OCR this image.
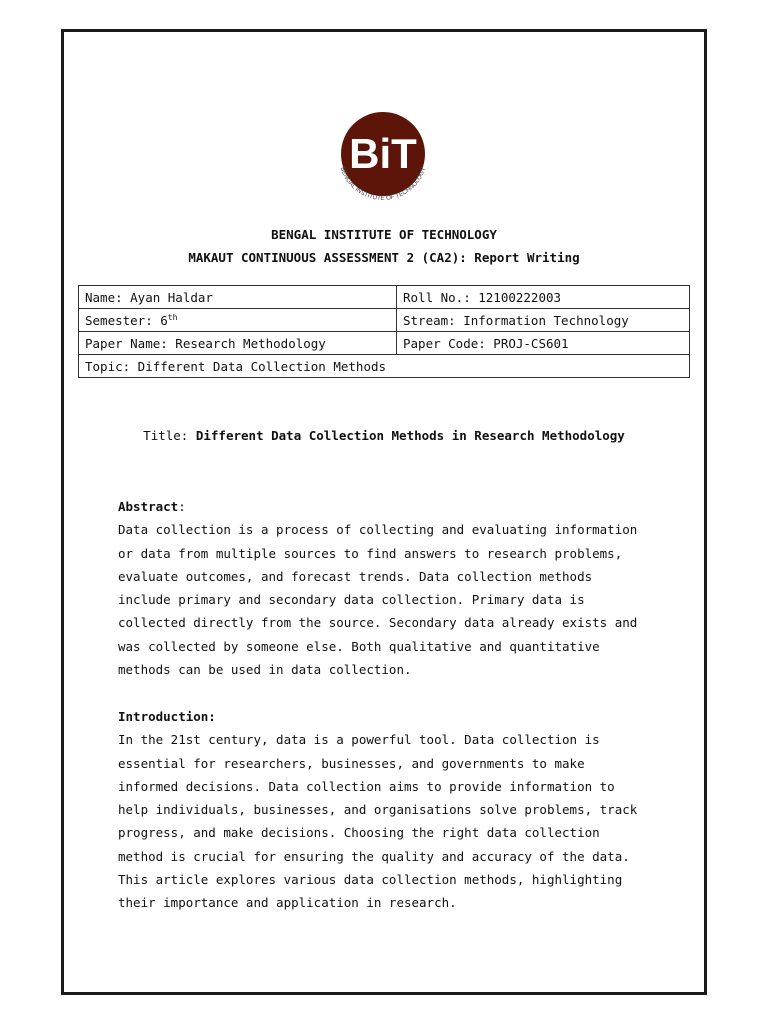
BiT
BENGAL INSTITUTE OF TECHNOLOGY
BENGAL INSTITUTE OF TECHNOLOGY
MAKAUT CONTINUOUS ASSESSMENT 2 (CA2): Report Writing
Name: Ayan Haldar	Roll No.: 12100222003
Semester: 6th	Stream: Information Technology
Paper Name: Research Methodology	Paper Code: PROJ-CS601
Topic: Different Data Collection Methods	
Title: Different Data Collection Methods in Research Methodology
Abstract:

Data collection is a process of collecting and evaluating information

or data from multiple sources to find answers to research problems,

evaluate outcomes, and forecast trends. Data collection methods

include primary and secondary data collection. Primary data is

collected directly from the source. Secondary data already exists and

was collected by someone else. Both qualitative and quantitative

methods can be used in data collection.

Introduction:

In the 21st century, data is a powerful tool. Data collection is

essential for researchers, businesses, and governments to make

informed decisions. Data collection aims to provide information to

help individuals, businesses, and organisations solve problems, track

progress, and make decisions. Choosing the right data collection

method is crucial for ensuring the quality and accuracy of the data.

This article explores various data collection methods, highlighting

their importance and application in research.
